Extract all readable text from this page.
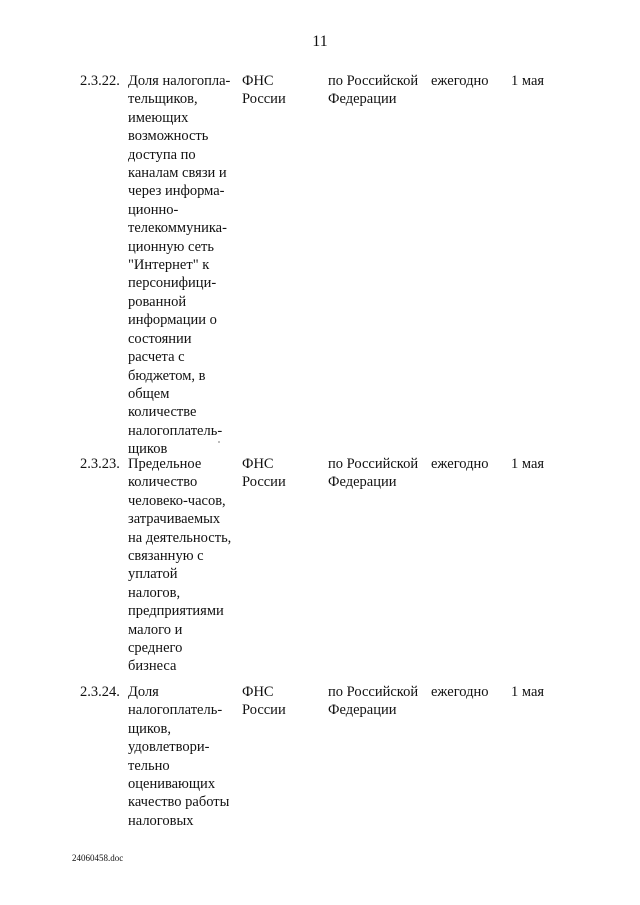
11
2.3.22. Доля налогопла-
тельщиков,
имеющих
возможность
доступа по
каналам связи и
через информа-
ционно-
телекоммуника-
ционную сеть
"Интернет" к
персонифици-
рованной
информации о
состоянии
расчета с
бюджетом, в
общем
количестве
налогоплатель-
щиков
ФНС
России
по Российской
Федерации
ежегодно 1 мая
2.3.23. Предельное
количество
человеко-часов,
затрачиваемых
на деятельность,
связанную с
уплатой
налогов,
предприятиями
малого и
среднего
бизнеса
ФНС
России
по Российской
Федерации
ежегодно 1 мая
2.3.24. Доля
налогоплатель-
щиков,
удовлетвори-
тельно
оценивающих
качество работы
налоговых
ФНС
России
по Российской
Федерации
ежегодно 1 мая
24060458.doc
